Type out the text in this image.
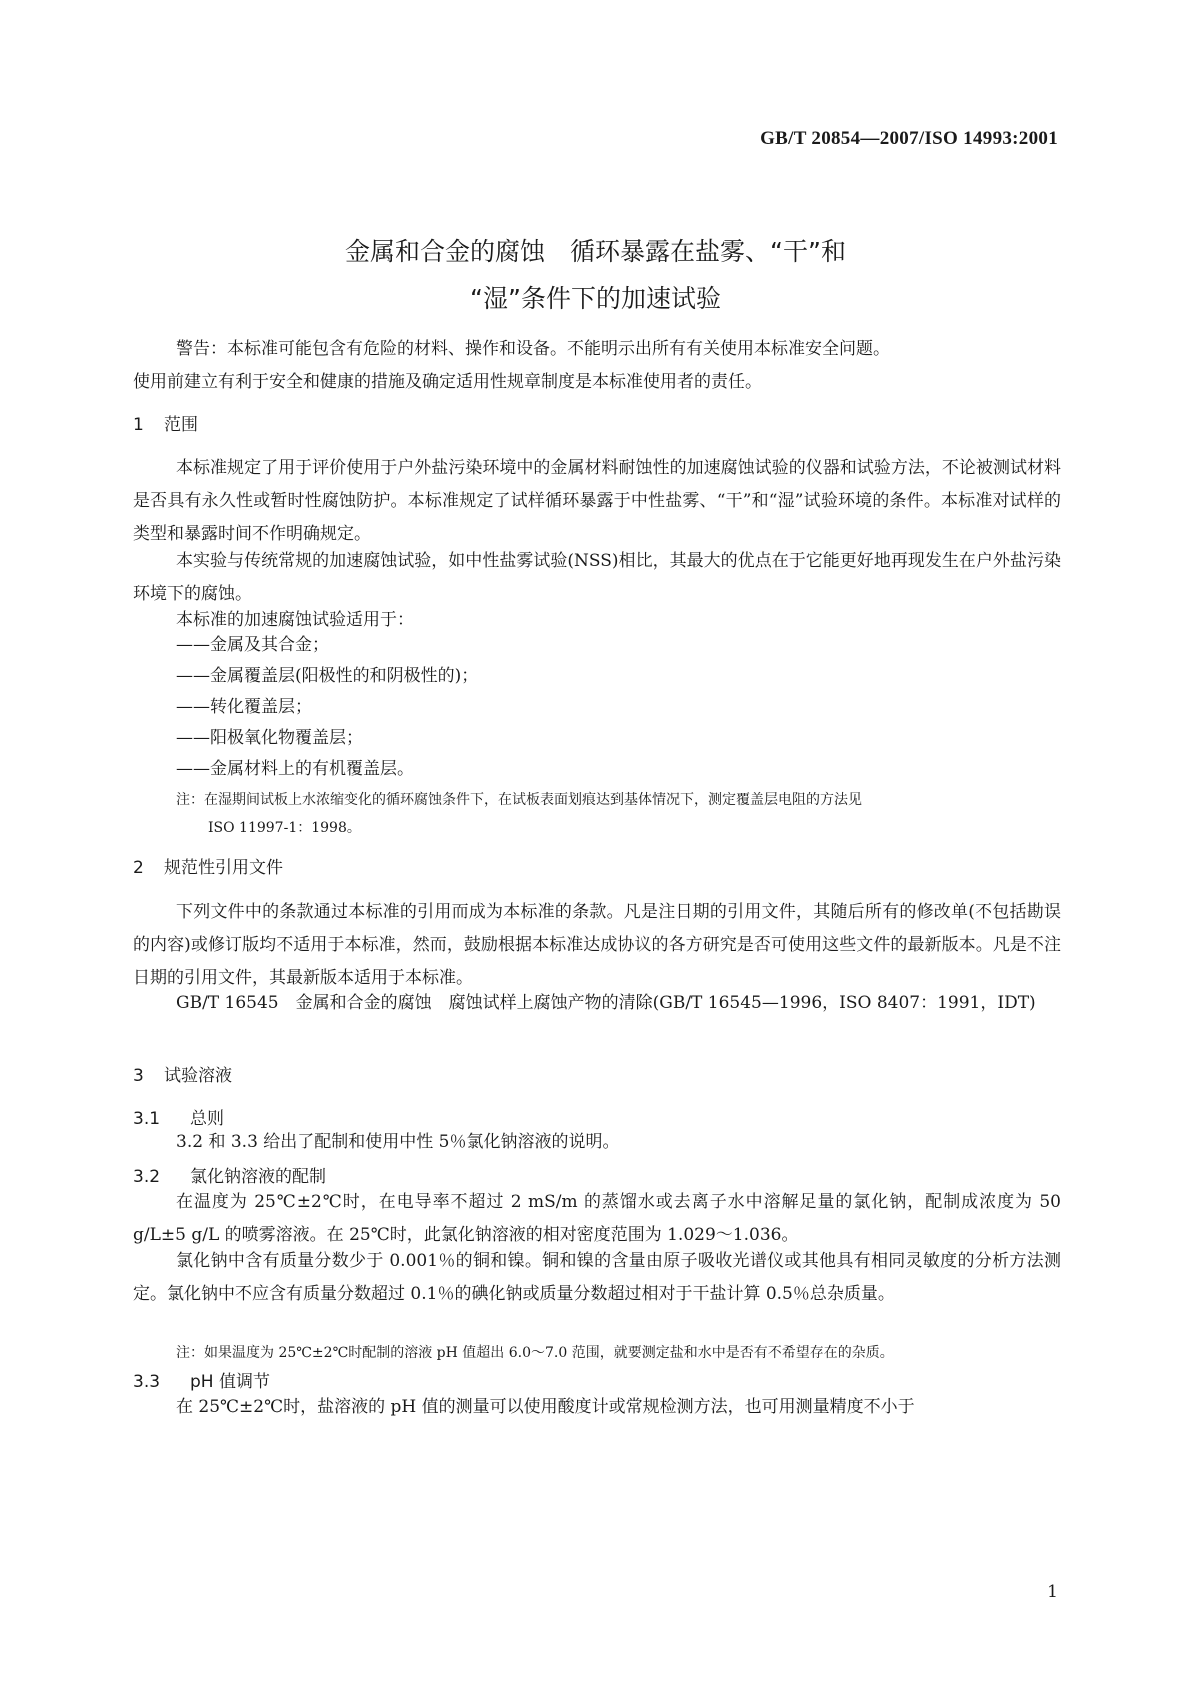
GB/T 20854—2007/ISO 14993:2001
金属和合金的腐蚀　循环暴露在盐雾、“干”和
“湿”条件下的加速试验
警告：本标准可能包含有危险的材料、操作和设备。不能明示出所有有关使用本标准安全问题。
使用前建立有利于安全和健康的措施及确定适用性规章制度是本标准使用者的责任。
1 范围
本标准规定了用于评价使用于户外盐污染环境中的金属材料耐蚀性的加速腐蚀试验的仪器和试验方法，不论被测试材料是否具有永久性或暂时性腐蚀防护。本标准规定了试样循环暴露于中性盐雾、“干”和“湿”试验环境的条件。本标准对试样的类型和暴露时间不作明确规定。
本实验与传统常规的加速腐蚀试验，如中性盐雾试验(NSS)相比，其最大的优点在于它能更好地再现发生在户外盐污染环境下的腐蚀。
本标准的加速腐蚀试验适用于：
——金属及其合金；
——金属覆盖层(阳极性的和阴极性的)；
——转化覆盖层；
——阳极氧化物覆盖层；
——金属材料上的有机覆盖层。
注：在湿期间试板上水浓缩变化的循环腐蚀条件下，在试板表面划痕达到基体情况下，测定覆盖层电阻的方法见
ISO 11997-1：1998。
2 规范性引用文件
下列文件中的条款通过本标准的引用而成为本标准的条款。凡是注日期的引用文件，其随后所有的修改单(不包括勘误的内容)或修订版均不适用于本标准，然而，鼓励根据本标准达成协议的各方研究是否可使用这些文件的最新版本。凡是不注日期的引用文件，其最新版本适用于本标准。
GB/T 16545　金属和合金的腐蚀　腐蚀试样上腐蚀产物的清除(GB/T 16545—1996，ISO 8407：1991，IDT)
3 试验溶液
3.1 总则
3.2 和 3.3 给出了配制和使用中性 5％氯化钠溶液的说明。
3.2 氯化钠溶液的配制
在温度为 25℃±2℃时，在电导率不超过 2 mS/m 的蒸馏水或去离子水中溶解足量的氯化钠，配制成浓度为 50 g/L±5 g/L 的喷雾溶液。在 25℃时，此氯化钠溶液的相对密度范围为 1.029～1.036。
氯化钠中含有质量分数少于 0.001％的铜和镍。铜和镍的含量由原子吸收光谱仪或其他具有相同灵敏度的分析方法测定。氯化钠中不应含有质量分数超过 0.1％的碘化钠或质量分数超过相对于干盐计算 0.5％总杂质量。
注：如果温度为 25℃±2℃时配制的溶液 pH 值超出 6.0～7.0 范围，就要测定盐和水中是否有不希望存在的杂质。
3.3 pH 值调节
在 25℃±2℃时，盐溶液的 pH 值的测量可以使用酸度计或常规检测方法，也可用测量精度不小于
1
